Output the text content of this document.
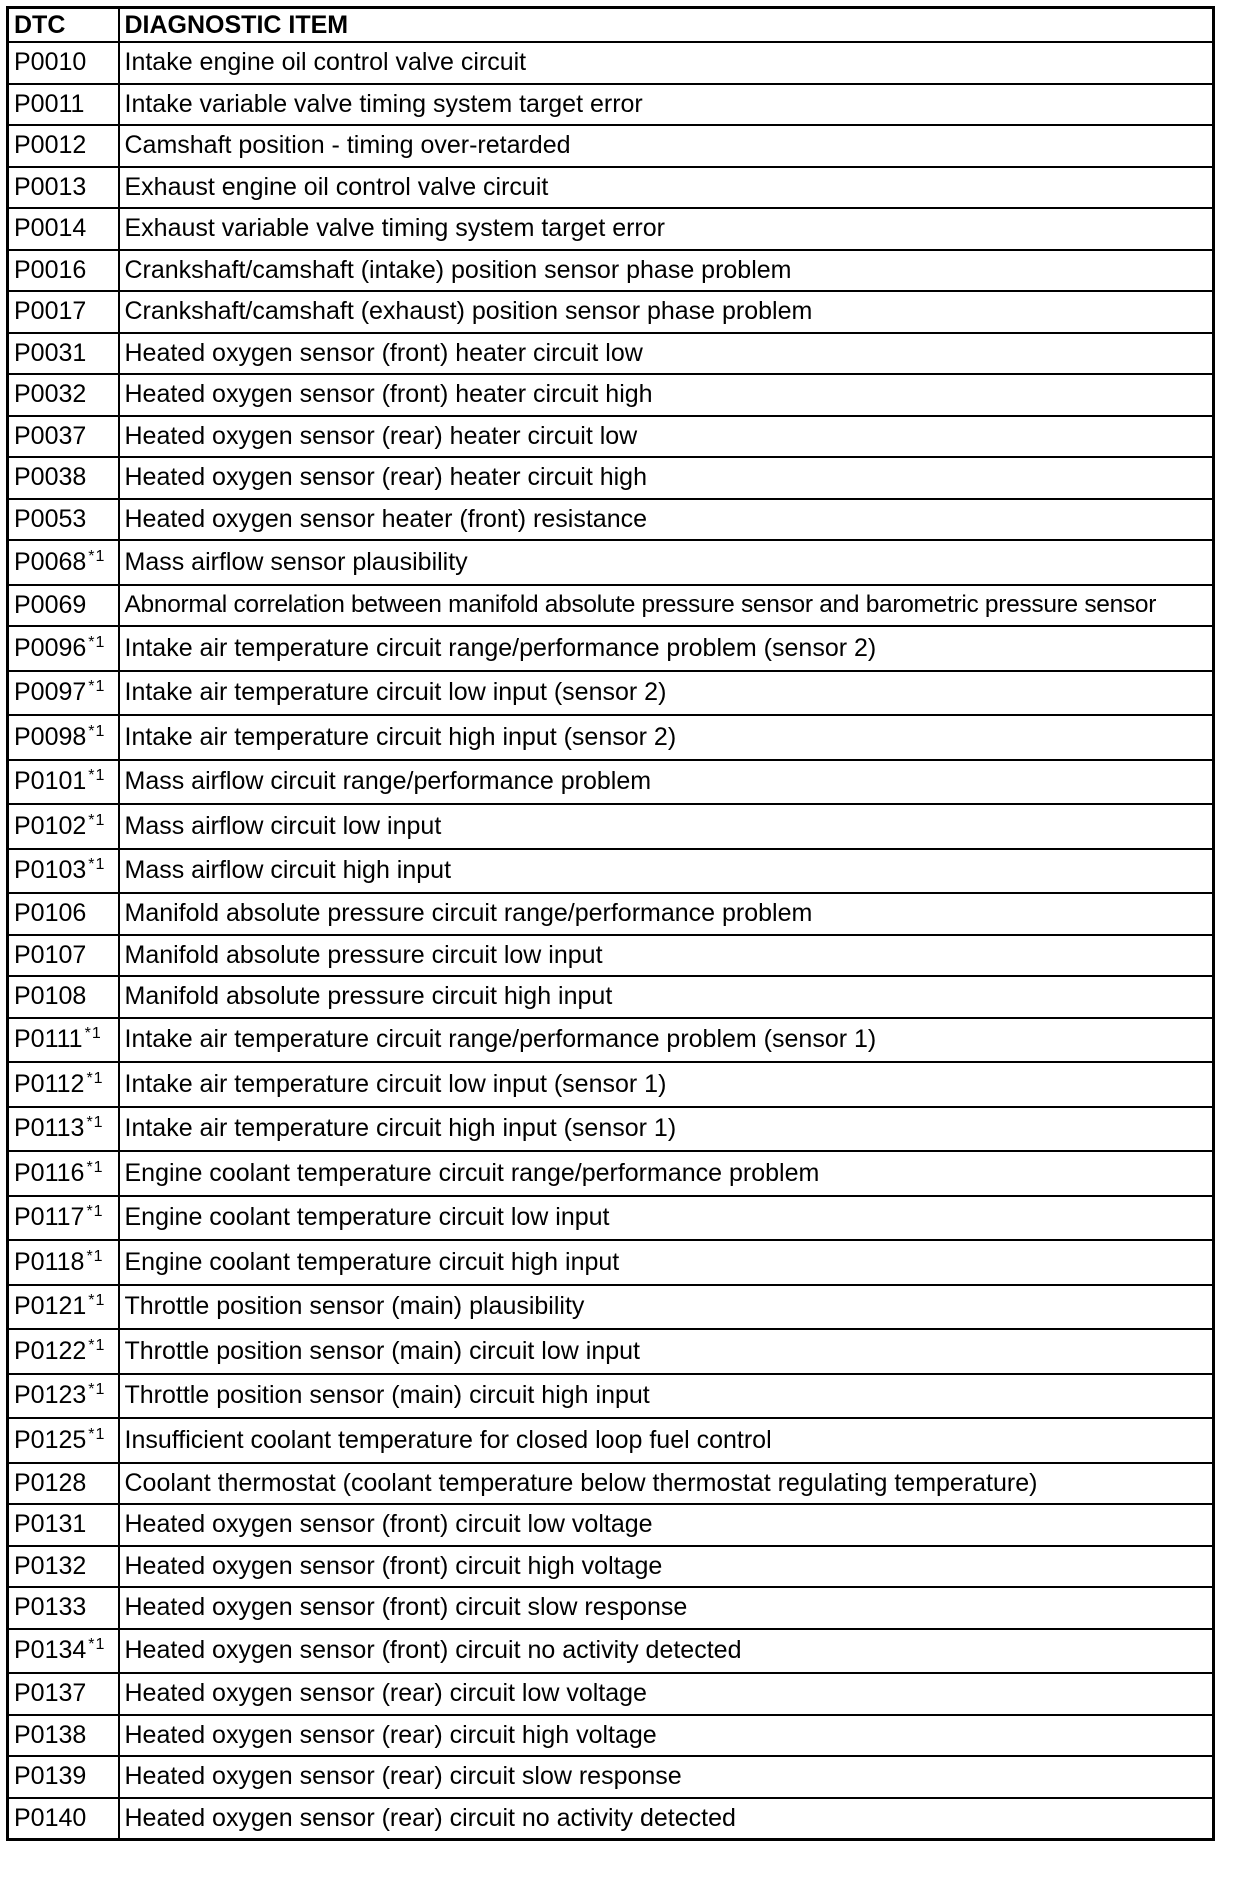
DTC	DIAGNOSTIC ITEM
P0010	Intake engine oil control valve circuit
P0011	Intake variable valve timing system target error
P0012	Camshaft position - timing over-retarded
P0013	Exhaust engine oil control valve circuit
P0014	Exhaust variable valve timing system target error
P0016	Crankshaft/camshaft (intake) position sensor phase problem
P0017	Crankshaft/camshaft (exhaust) position sensor phase problem
P0031	Heated oxygen sensor (front) heater circuit low
P0032	Heated oxygen sensor (front) heater circuit high
P0037	Heated oxygen sensor (rear) heater circuit low
P0038	Heated oxygen sensor (rear) heater circuit high
P0053	Heated oxygen sensor heater (front) resistance
P0068 $^{*1}$	Mass airflow sensor plausibility
P0069	Abnormal correlation between manifold absolute pressure sensor and barometric pressure sensor
P0096 $^{*1}$	Intake air temperature circuit range/performance problem (sensor 2)
P0097 $^{*1}$	Intake air temperature circuit low input (sensor 2)
P0098 $^{*1}$	Intake air temperature circuit high input (sensor 2)
P0101 $^{*1}$	Mass airflow circuit range/performance problem
P0102 $^{*1}$	Mass airflow circuit low input
P0103 $^{*1}$	Mass airflow circuit high input
P0106	Manifold absolute pressure circuit range/performance problem
P0107	Manifold absolute pressure circuit low input
P0108	Manifold absolute pressure circuit high input
P0111 $^{*1}$	Intake air temperature circuit range/performance problem (sensor 1)
P0112 $^{*1}$	Intake air temperature circuit low input (sensor 1)
P0113 $^{*1}$	Intake air temperature circuit high input (sensor 1)
P0116 $^{*1}$	Engine coolant temperature circuit range/performance problem
P0117 $^{*1}$	Engine coolant temperature circuit low input
P0118 $^{*1}$	Engine coolant temperature circuit high input
P0121 $^{*1}$	Throttle position sensor (main) plausibility
P0122 $^{*1}$	Throttle position sensor (main) circuit low input
P0123 $^{*1}$	Throttle position sensor (main) circuit high input
P0125 $^{*1}$	Insufficient coolant temperature for closed loop fuel control
P0128	Coolant thermostat (coolant temperature below thermostat regulating temperature)
P0131	Heated oxygen sensor (front) circuit low voltage
P0132	Heated oxygen sensor (front) circuit high voltage
P0133	Heated oxygen sensor (front) circuit slow response
P0134 $^{*1}$	Heated oxygen sensor (front) circuit no activity detected
P0137	Heated oxygen sensor (rear) circuit low voltage
P0138	Heated oxygen sensor (rear) circuit high voltage
P0139	Heated oxygen sensor (rear) circuit slow response
P0140	Heated oxygen sensor (rear) circuit no activity detected
